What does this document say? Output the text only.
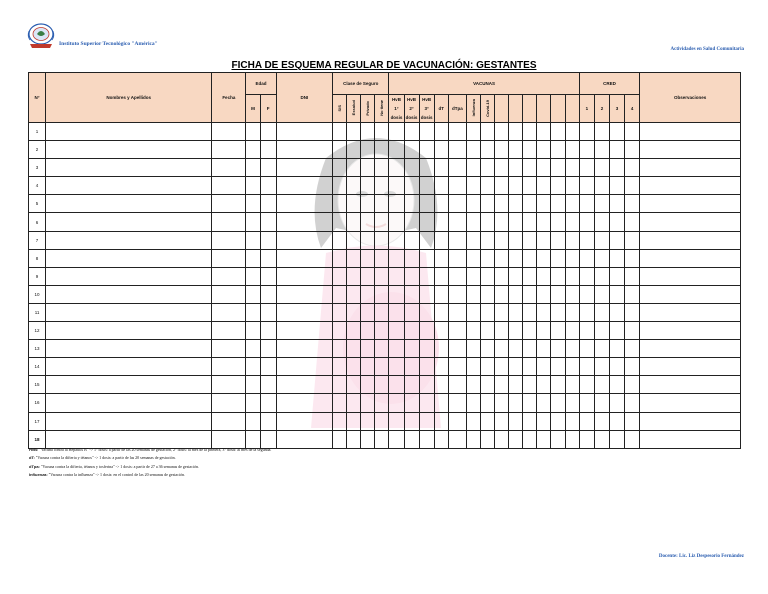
Instituto Superior Tecnológico "América"
Actividades en Salud Comunitaria
FICHA DE ESQUEMA REGULAR DE VACUNACIÓN: GESTANTES
N°	Nombres y Apellidos	Fecha	Edad		DNI	Clase de Seguro				VACUNAS													CRED				Observaciones
			M	F		SIS	Essalud	Privado	No tiene	HvB
1°
dosis	HvB
2°
dosis	HvB
3°
dosis	dT	dTpa	Influenza	Covid-19							1	2	3	4	
1																											
2																											
3																											
4																											
5																											
6																											
7																											
8																											
9																											
10																											
11																											
12																											
13																											
14																											
15																											
16																											
17																											
18																											
HvB: "Vacuna contra la Hepatitis B" -> 1° dosis: a partir de las 20 semanas de gestación, 2° dosis: al mes de la primera, 3° dosis: al mes de la segunda.
dT: "Vacuna contra la difteria y tétanos" -> 1 dosis: a partir de las 20 semanas de gestación.
dTpa: "Vacuna contra la difteria, tétanos y tosferina" -> 1 dosis: a partir de 27 a 36 semanas de gestación.
Influenza: "Vacuna contra la influenza" -> 1 dosis: en el control de las 20 semanas de gestación.
Docente: Lic. Liz Despesorio Fernández
